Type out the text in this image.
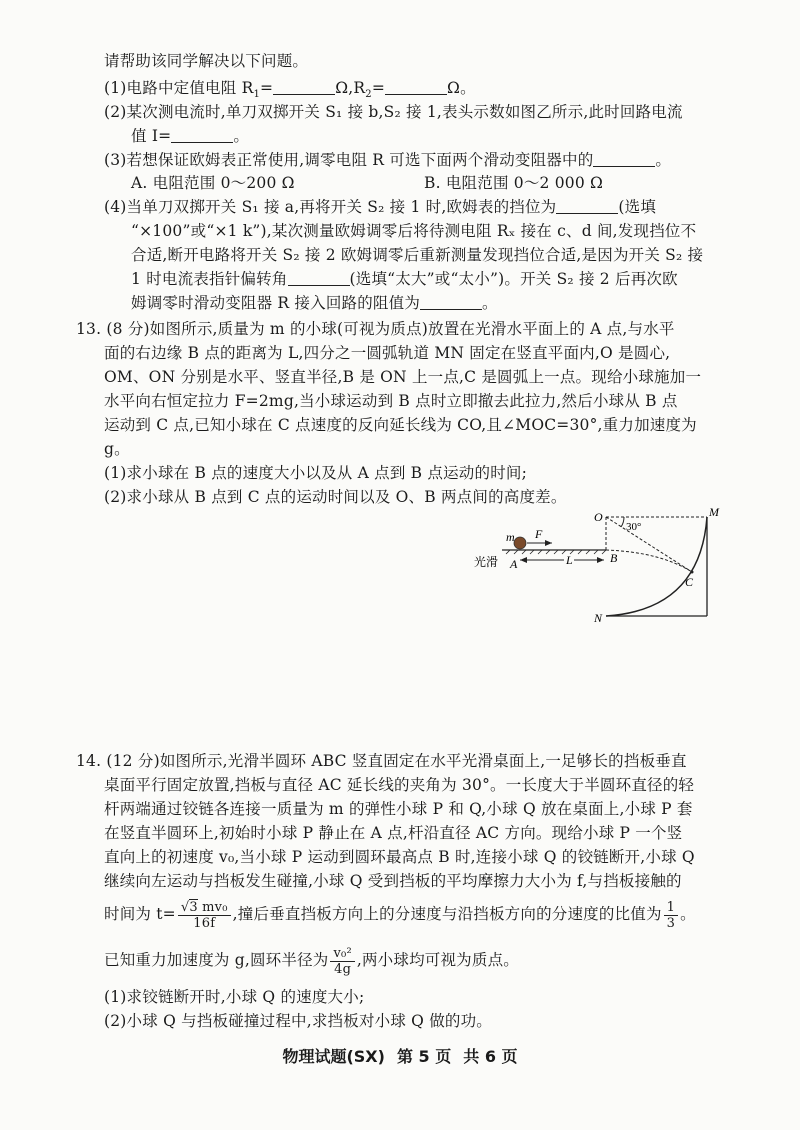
请帮助该同学解决以下问题。
(1)电路中定值电阻 $R_1=$	$\Omega,R_2=$	Ω。
(2)某次测电流时,单刀双掷开关 S₁ 接 b,S₂ 接 1,表头示数如图乙所示,此时回路电流
值 I=	。
(3)若想保证欧姆表正常使用,调零电阻 R 可选下面两个滑动变阻器中的	。
A. 电阻范围 0～200 Ω	B. 电阻范围 0～2 000 Ω
(4)当单刀双掷开关 S₁ 接 a,再将开关 S₂ 接 1 时,欧姆表的挡位为	(选填
“×100”或“×1 k”),某次测量欧姆调零后将待测电阻 Rₓ 接在 c、d 间,发现挡位不
合适,断开电路将开关 S₂ 接 2 欧姆调零后重新测量发现挡位合适,是因为开关 S₂ 接
1 时电流表指针偏转角	(选填“太大”或“太小”)。开关 S₂ 接 2 后再次欧
姆调零时滑动变阻器 R 接入回路的阻值为	。
13. (8 分)如图所示,质量为 m 的小球(可视为质点)放置在光滑水平面上的 A 点,与水平
面的右边缘 B 点的距离为 L,四分之一圆弧轨道 MN 固定在竖直平面内,O 是圆心,
OM、ON 分别是水平、竖直半径,B 是 ON 上一点,C 是圆弧上一点。现给小球施加一
水平向右恒定拉力 F=2mg,当小球运动到 B 点时立即撤去此拉力,然后小球从 B 点
运动到 C 点,已知小球在 C 点速度的反向延长线为 CO,且∠MOC=30°,重力加速度为
g。
(1)求小球在 B 点的速度大小以及从 A 点到 B 点运动的时间;
(2)求小球从 B 点到 C 点的运动时间以及 O、B 两点间的高度差。
O	M
N
B
C
A	L
m F	30°
光滑
14. (12 分)如图所示,光滑半圆环 ABC 竖直固定在水平光滑桌面上,一足够长的挡板垂直
桌面平行固定放置,挡板与直径 AC 延长线的夹角为 30°。一长度大于半圆环直径的轻
杆两端通过铰链各连接一质量为 m 的弹性小球 P 和 Q,小球 Q 放在桌面上,小球 P 套
在竖直半圆环上,初始时小球 P 静止在 A 点,杆沿直径 AC 方向。现给小球 P 一个竖
直向上的初速度 v₀,当小球 P 运动到圆环最高点 B 时,连接小球 Q 的铰链断开,小球 Q
继续向左运动与挡板发生碰撞,小球 Q 受到挡板的平均摩擦力大小为 f,与挡板接触的
时间为 $t= \frac{\text{√3 mv₀}}{16f}$ ,撞后垂直挡板方向上的分速度与沿挡板方向的分速度的比值为 $\frac{1}{3}$ 。
已知重力加速度为 g,圆环半径为 $\frac{\text{v₀²}}{4g}$ ,两小球均可视为质点。
(1)求铰链断开时,小球 Q 的速度大小;
(2)小球 Q 与挡板碰撞过程中,求挡板对小球 Q 做的功。
物理试题(SX) 第 5 页 共 6 页
